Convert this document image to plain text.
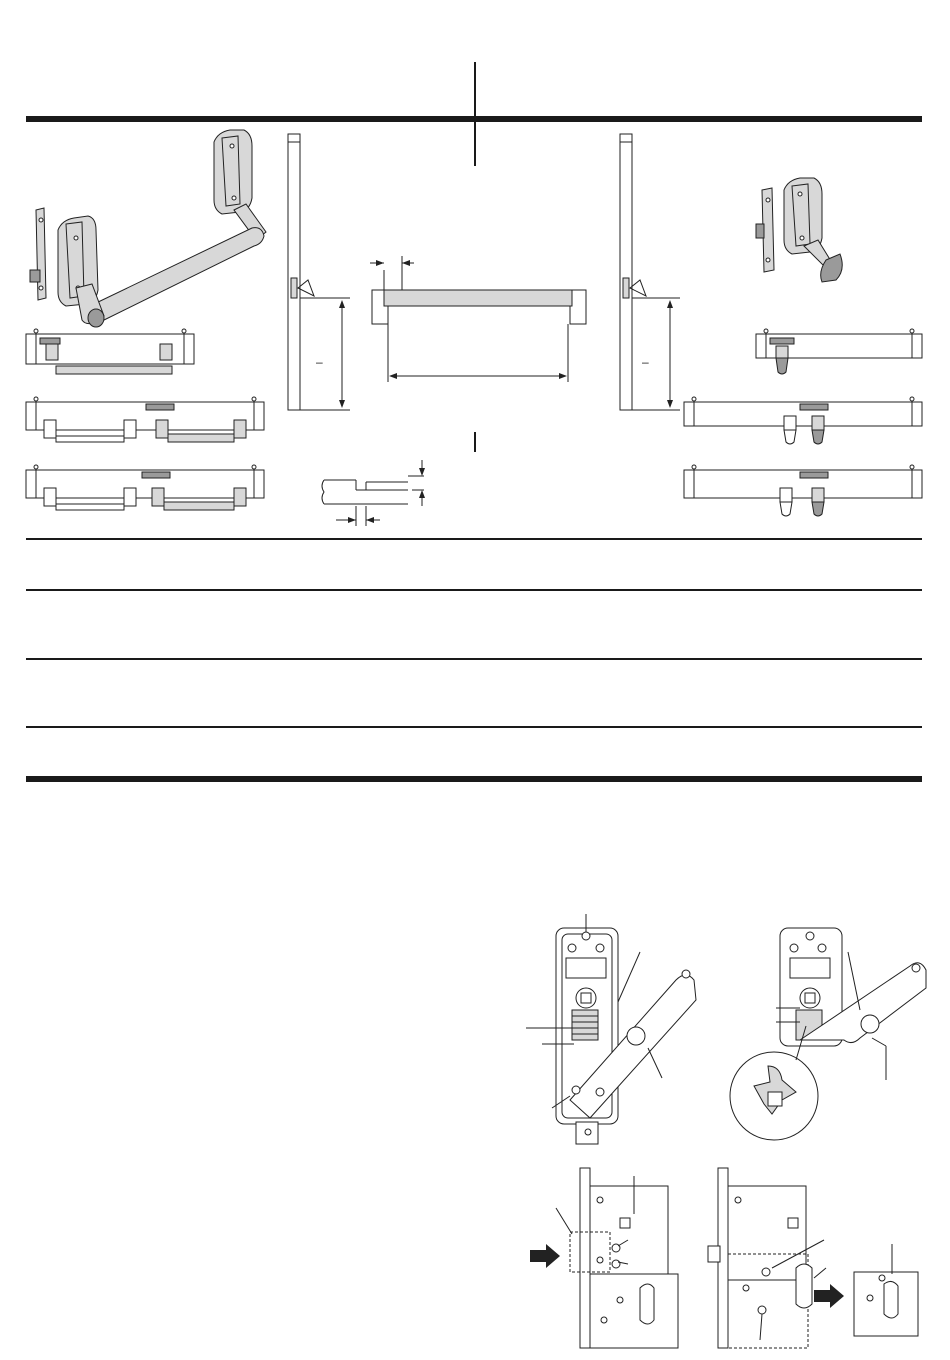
–	–
